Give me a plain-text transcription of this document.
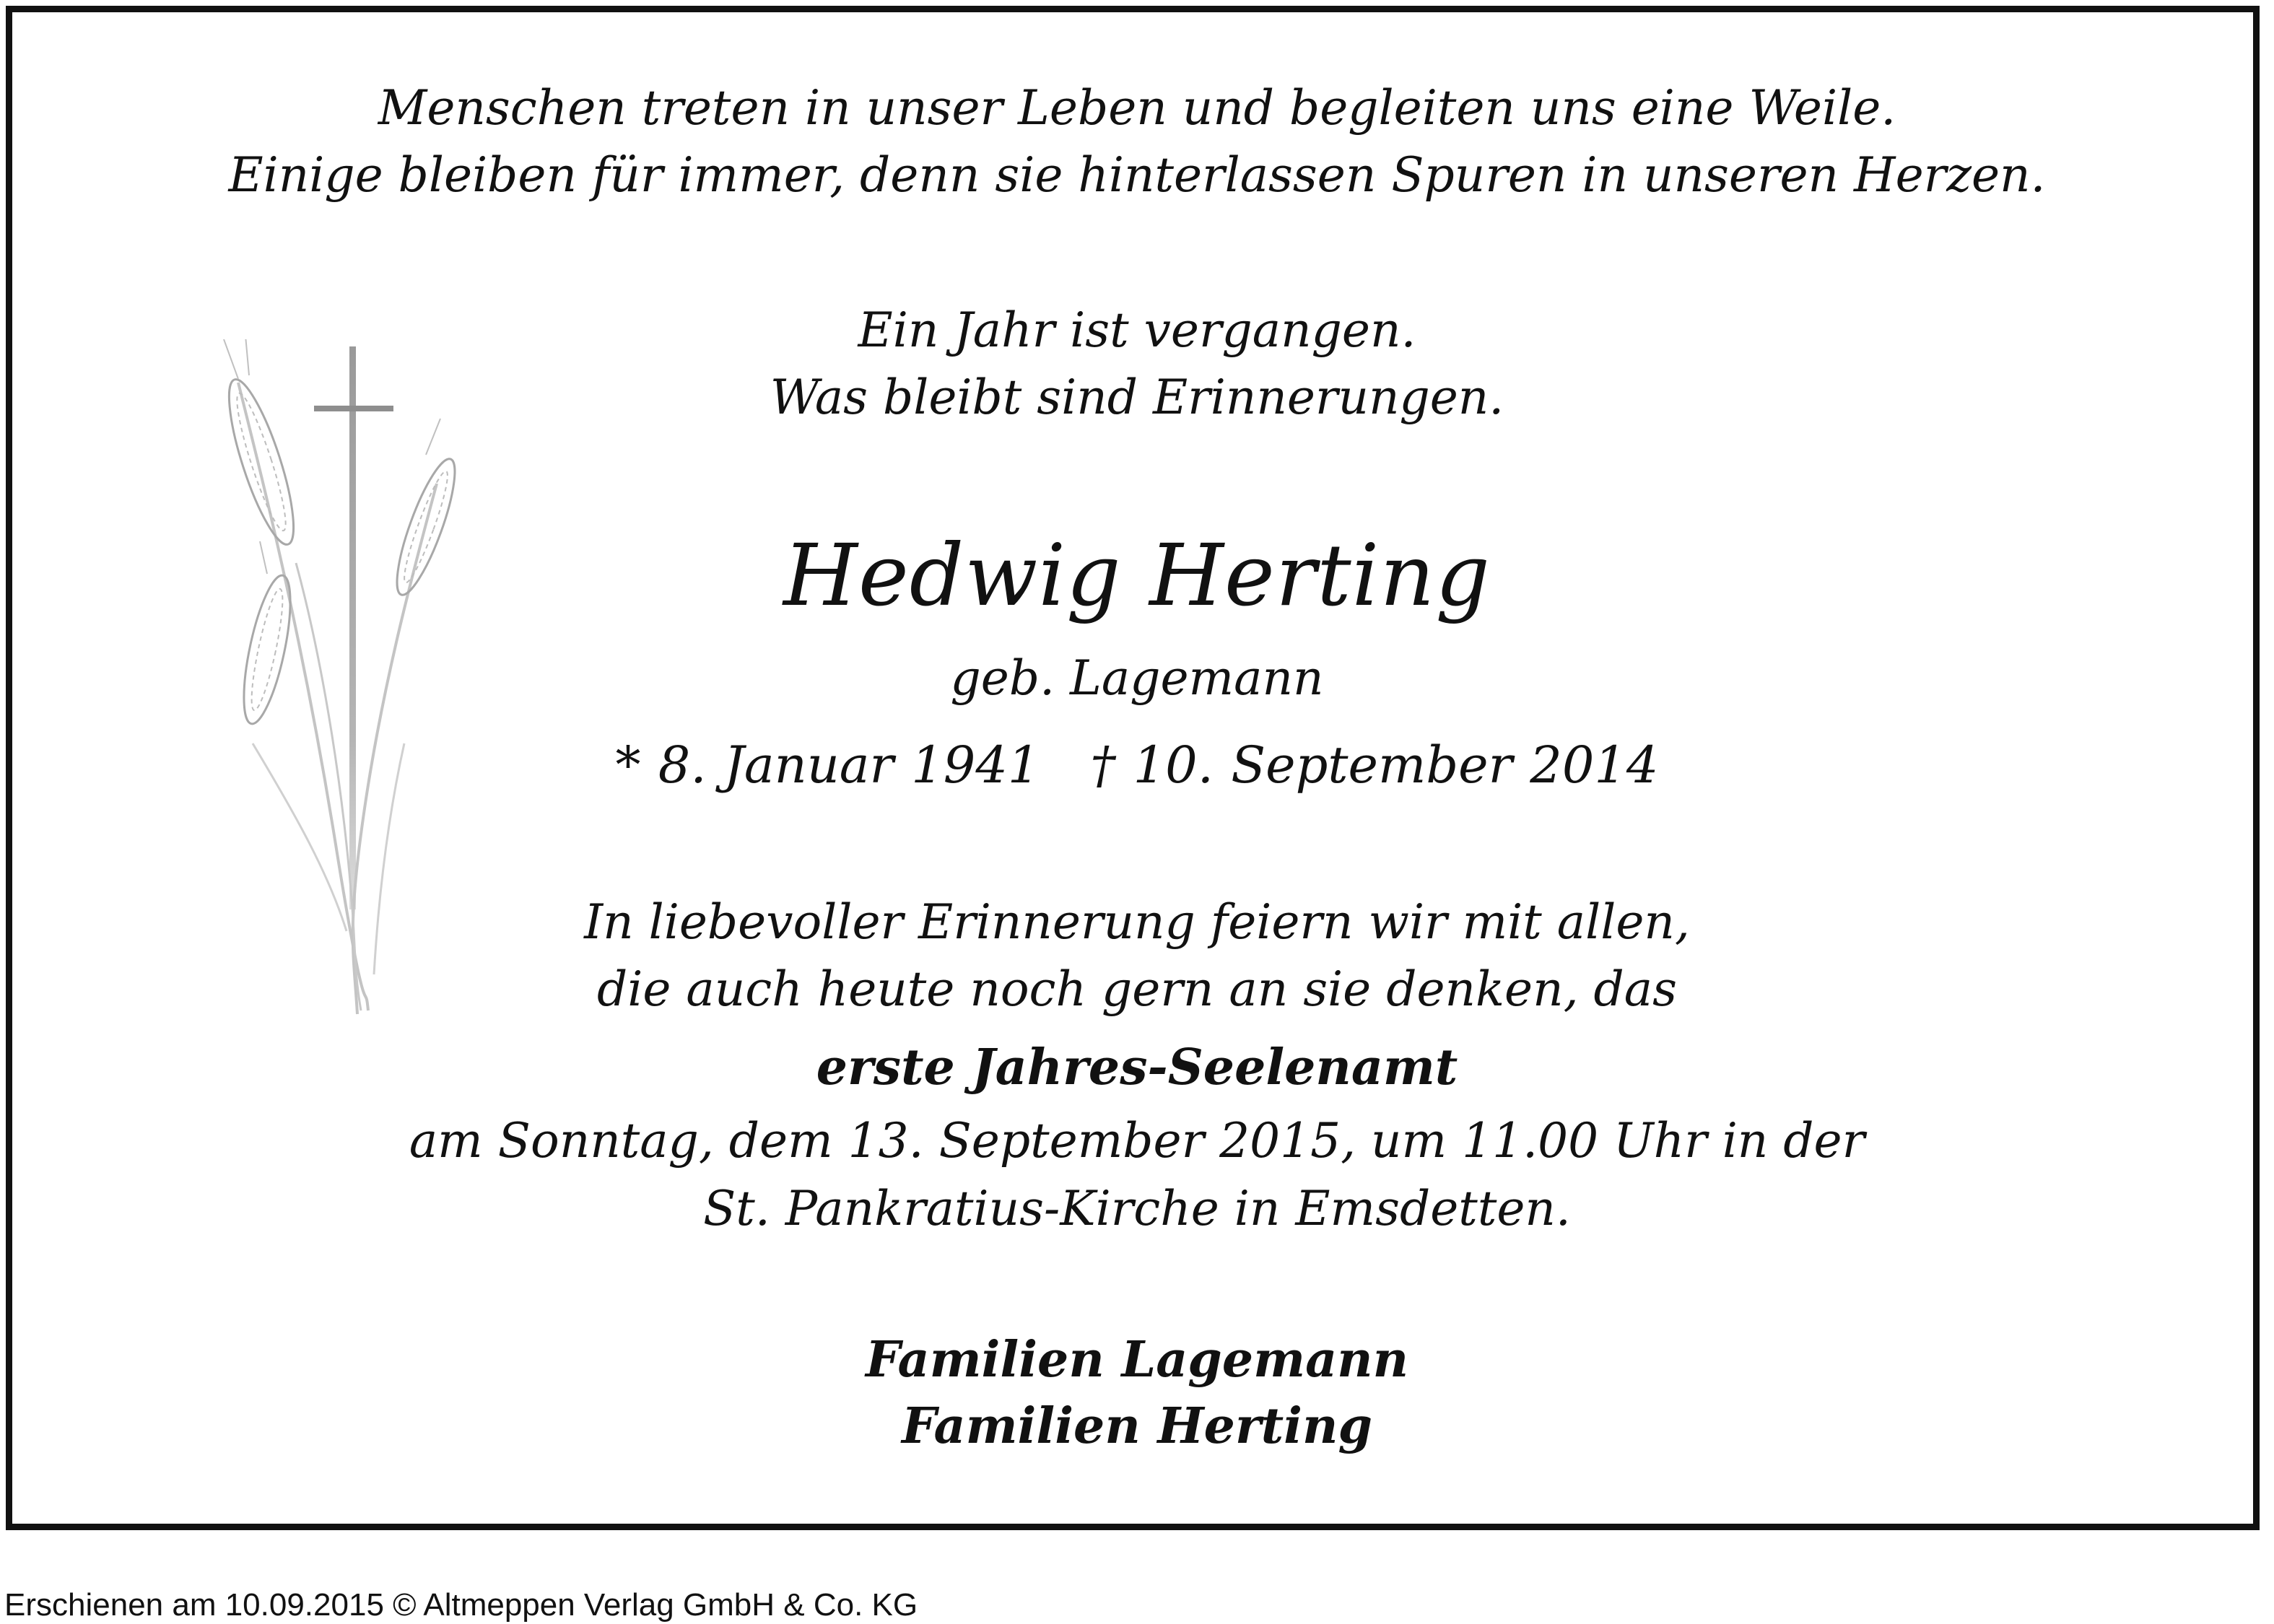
Menschen treten in unser Leben und begleiten uns eine Weile.
Einige bleiben für immer, denn sie hinterlassen Spuren in unseren Herzen.
Ein Jahr ist vergangen.
Was bleibt sind Erinnerungen.
Hedwig Herting
geb. Lagemann
* 8. Januar 1941 † 10. September 2014
In liebevoller Erinnerung feiern wir mit allen,
die auch heute noch gern an sie denken, das
erste Jahres-Seelenamt
am Sonntag, dem 13. September 2015, um 11.00 Uhr in der
St. Pankratius-Kirche in Emsdetten.
Familien Lagemann
Familien Herting
Erschienen am 10.09.2015 © Altmeppen Verlag GmbH & Co. KG
